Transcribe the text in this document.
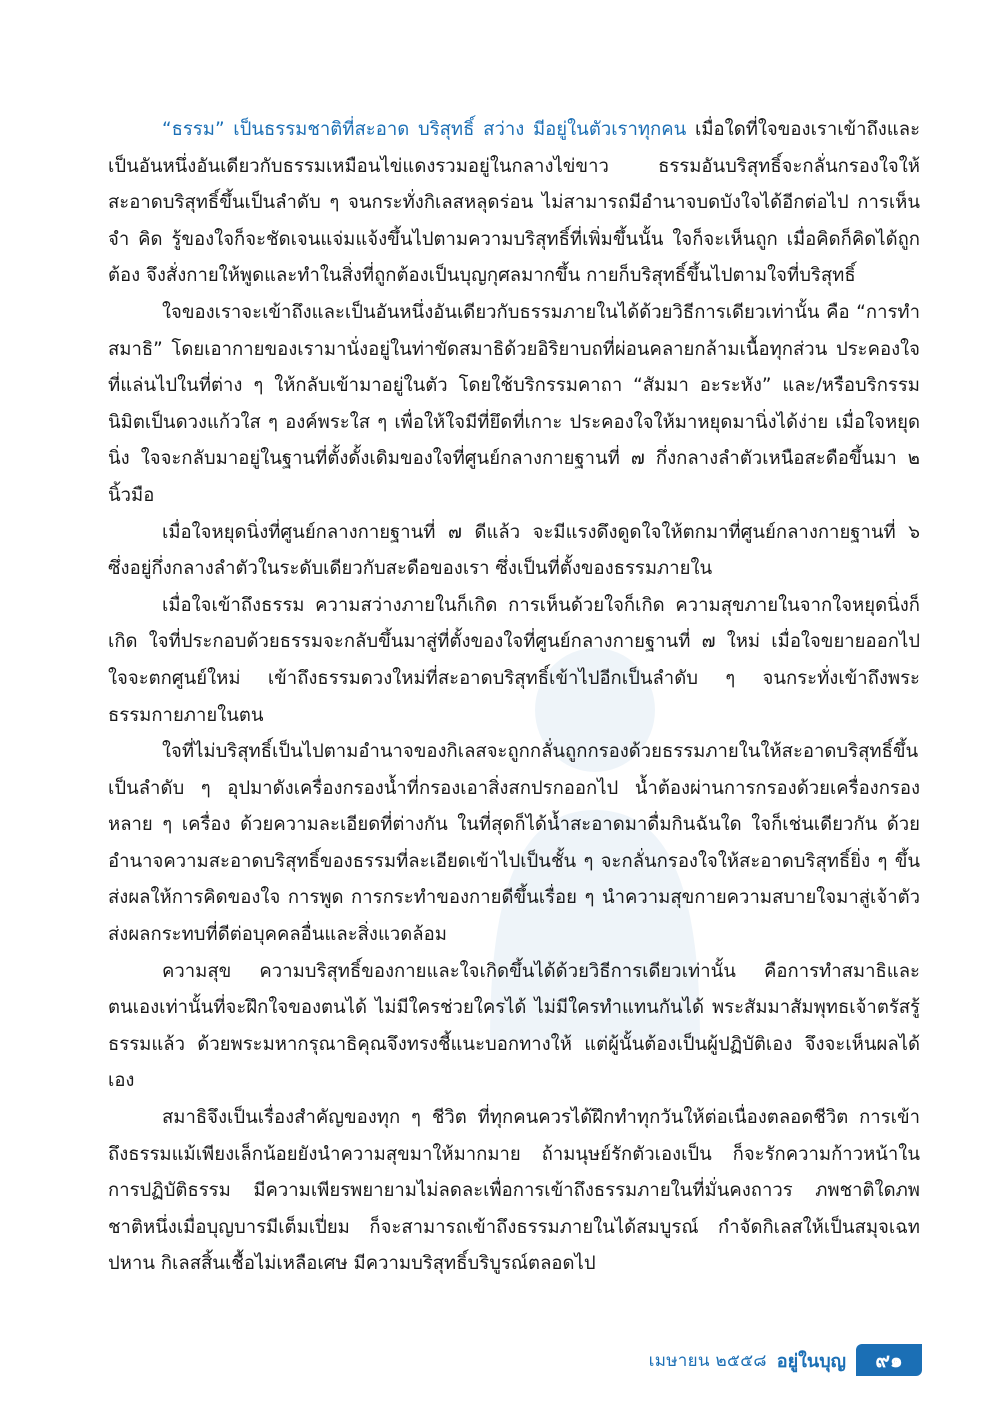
“ธรรม” เป็นธรรมชาติที่สะอาด บริสุทธิ์ สว่าง มีอยู่ในตัวเราทุกคน เมื่อใดที่ใจของเราเข้าถึงและเป็นอันหนึ่งอันเดียวกับธรรมเหมือนไข่แดงรวมอยู่ในกลางไข่ขาว ธรรมอันบริสุทธิ์จะกลั่นกรองใจให้สะอาดบริสุทธิ์ขึ้นเป็นลำดับ ๆ จนกระทั่งกิเลสหลุดร่อน ไม่สามารถมีอำนาจบดบังใจได้อีกต่อไป การเห็น จำ คิด รู้ของใจก็จะชัดเจนแจ่มแจ้งขึ้นไปตามความบริสุทธิ์ที่เพิ่มขึ้นนั้น ใจก็จะเห็นถูก เมื่อคิดก็คิดได้ถูกต้อง จึงสั่งกายให้พูดและทำในสิ่งที่ถูกต้องเป็นบุญกุศลมากขึ้น กายก็บริสุทธิ์ขึ้นไปตามใจที่บริสุทธิ์

ใจของเราจะเข้าถึงและเป็นอันหนึ่งอันเดียวกับธรรมภายในได้ด้วยวิธีการเดียวเท่านั้น คือ “การทำสมาธิ” โดยเอากายของเรามานั่งอยู่ในท่าขัดสมาธิด้วยอิริยาบถที่ผ่อนคลายกล้ามเนื้อทุกส่วน ประคองใจที่แล่นไปในที่ต่าง ๆ ให้กลับเข้ามาอยู่ในตัว โดยใช้บริกรรมคาถา “สัมมา อะระหัง” และ/หรือบริกรรมนิมิตเป็นดวงแก้วใส ๆ องค์พระใส ๆ เพื่อให้ใจมีที่ยึดที่เกาะ ประคองใจให้มาหยุดมานิ่งได้ง่าย เมื่อใจหยุดนิ่ง ใจจะกลับมาอยู่ในฐานที่ตั้งดั้งเดิมของใจที่ศูนย์กลางกายฐานที่ ๗ กึ่งกลางลำตัวเหนือสะดือขึ้นมา ๒ นิ้วมือ

เมื่อใจหยุดนิ่งที่ศูนย์กลางกายฐานที่ ๗ ดีแล้ว จะมีแรงดึงดูดใจให้ตกมาที่ศูนย์กลางกายฐานที่ ๖ ซึ่งอยู่กึ่งกลางลำตัวในระดับเดียวกับสะดือของเรา ซึ่งเป็นที่ตั้งของธรรมภายใน

เมื่อใจเข้าถึงธรรม ความสว่างภายในก็เกิด การเห็นด้วยใจก็เกิด ความสุขภายในจากใจหยุดนิ่งก็เกิด ใจที่ประกอบด้วยธรรมจะกลับขึ้นมาสู่ที่ตั้งของใจที่ศูนย์กลางกายฐานที่ ๗ ใหม่ เมื่อใจขยายออกไป ใจจะตกศูนย์ใหม่ เข้าถึงธรรมดวงใหม่ที่สะอาดบริสุทธิ์เข้าไปอีกเป็นลำดับ ๆ จนกระทั่งเข้าถึงพระธรรมกายภายในตน

ใจที่ไม่บริสุทธิ์เป็นไปตามอำนาจของกิเลสจะถูกกลั่นถูกกรองด้วยธรรมภายในให้สะอาดบริสุทธิ์ขึ้นเป็นลำดับ ๆ อุปมาดังเครื่องกรองน้ำที่กรองเอาสิ่งสกปรกออกไป น้ำต้องผ่านการกรองด้วยเครื่องกรองหลาย ๆ เครื่อง ด้วยความละเอียดที่ต่างกัน ในที่สุดก็ได้น้ำสะอาดมาดื่มกินฉันใด ใจก็เช่นเดียวกัน ด้วยอำนาจความสะอาดบริสุทธิ์ของธรรมที่ละเอียดเข้าไปเป็นชั้น ๆ จะกลั่นกรองใจให้สะอาดบริสุทธิ์ยิ่ง ๆ ขึ้น ส่งผลให้การคิดของใจ การพูด การกระทำของกายดีขึ้นเรื่อย ๆ นำความสุขกายความสบายใจมาสู่เจ้าตัว ส่งผลกระทบที่ดีต่อบุคคลอื่นและสิ่งแวดล้อม

ความสุข ความบริสุทธิ์ของกายและใจเกิดขึ้นได้ด้วยวิธีการเดียวเท่านั้น คือการทำสมาธิและตนเองเท่านั้นที่จะฝึกใจของตนได้ ไม่มีใครช่วยใครได้ ไม่มีใครทำแทนกันได้ พระสัมมาสัมพุทธเจ้าตรัสรู้ธรรมแล้ว ด้วยพระมหากรุณาธิคุณจึงทรงชี้แนะบอกทางให้ แต่ผู้นั้นต้องเป็นผู้ปฏิบัติเอง จึงจะเห็นผลได้เอง

สมาธิจึงเป็นเรื่องสำคัญของทุก ๆ ชีวิต ที่ทุกคนควรได้ฝึกทำทุกวันให้ต่อเนื่องตลอดชีวิต การเข้าถึงธรรมแม้เพียงเล็กน้อยยังนำความสุขมาให้มากมาย ถ้ามนุษย์รักตัวเองเป็น ก็จะรักความก้าวหน้าในการปฏิบัติธรรม มีความเพียรพยายามไม่ลดละเพื่อการเข้าถึงธรรมภายในที่มั่นคงถาวร ภพชาติใดภพชาติหนึ่งเมื่อบุญบารมีเต็มเปี่ยม ก็จะสามารถเข้าถึงธรรมภายในได้สมบูรณ์ กำจัดกิเลสให้เป็นสมุจเฉทปหาน กิเลสสิ้นเชื้อไม่เหลือเศษ มีความบริสุทธิ์บริบูรณ์ตลอดไป

เมษายน ๒๕๕๘ อยู่ในบุญ	๙๑
